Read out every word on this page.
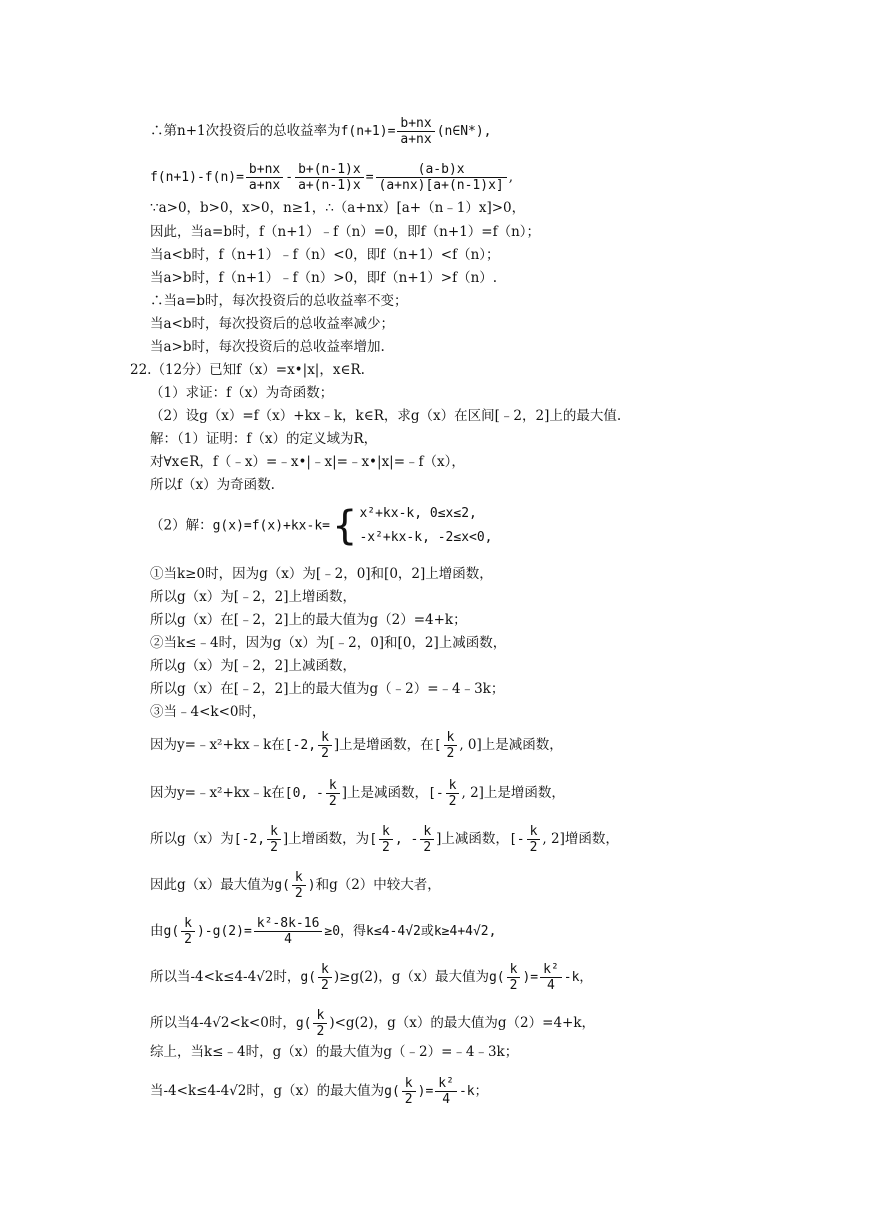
∴第n+1次投资后的总收益率为$f(n+1)= \frac{b+nx}{a+nx}$ (n∈N*),
$f(n+1)-f(n)= \frac{b+nx}{a+nx} - \frac{b+(n-1)x}{a+(n-1)x} = \frac{(a-b)x}{(a+nx)[a+(n-1)x]}$ ,
∵a>0，b>0，x>0，n≥1，∴（a+nx）[a+（n﹣1）x]>0，
因此，当a=b时，f（n+1）﹣f（n）=0，即f（n+1）=f（n）；
当a<b时，f（n+1）﹣f（n）<0，即f（n+1）<f（n）；
当a>b时，f（n+1）﹣f（n）>0，即f（n+1）>f（n）.
∴当a=b时，每次投资后的总收益率不变；
当a<b时，每次投资后的总收益率减少；
当a>b时，每次投资后的总收益率增加.
22.（12分）已知f（x）=x•|x|，x∈R.
（1）求证：f（x）为奇函数；
（2）设g（x）=f（x）+kx﹣k，k∈R，求g（x）在区间[﹣2，2]上的最大值.
解：（1）证明：f（x）的定义域为R，
对∀x∈R，f（﹣x）=﹣x•|﹣x|=﹣x•|x|=﹣f（x），
所以f（x）为奇函数.
（2）解：g(x)=f(x)+kx-k={ x²+kx-k, 0≤x≤2,
-x²+kx-k, -2≤x<0,
①当k≥0时，因为g（x）为[﹣2，0]和[0，2]上增函数，
所以g（x）为[﹣2，2]上增函数，
所以g（x）在[﹣2，2]上的最大值为g（2）=4+k；
②当k≤﹣4时，因为g（x）为[﹣2，0]和[0，2]上减函数，
所以g（x）为[﹣2，2]上减函数，
所以g（x）在[﹣2，2]上的最大值为g（﹣2）=﹣4﹣3k；
③当﹣4<k<0时，
因为y=﹣x²+kx﹣k在[-2, $\frac{k}{2}$ ]上是增函数，在[ $\frac{k}{2}$ , 0]上是减函数，
因为y=﹣x²+kx﹣k在[0, - $\frac{k}{2}$ ]上是减函数，[- $\frac{k}{2}$ , 2]上是增函数，
所以g（x）为[-2, $\frac{k}{2}$ ]上增函数，为[ $\frac{k}{2}$ , - $\frac{k}{2}$ ]上减函数，[- $\frac{k}{2}$ , 2]增函数，
因此g（x）最大值为$g( \frac{k}{2}$ )和g（2）中较大者，
由$g( \frac{k}{2} )-g(2)= \frac{\text{k²-8k-16}}{4} \ge 0$，得k≤4-4√2或k≥4+4√2,
所以当-4<k≤4-4√2时，$g( \frac{k}{2} )\ge g(2)$，g（x）最大值为$g( \frac{k}{2}$ )= $\frac{\text{k²}}{4} -k$，
所以当4-4√2<k<0时，$g( \frac{k}{2} )<g(2)$，g（x）的最大值为g（2）=4+k，
综上，当k≤﹣4时，g（x）的最大值为g（﹣2）=﹣4﹣3k；
当-4<k≤4-4√2时，g（x）的最大值为$g( \frac{k}{2}$ )= $\frac{\text{k²}}{4} -k$；
